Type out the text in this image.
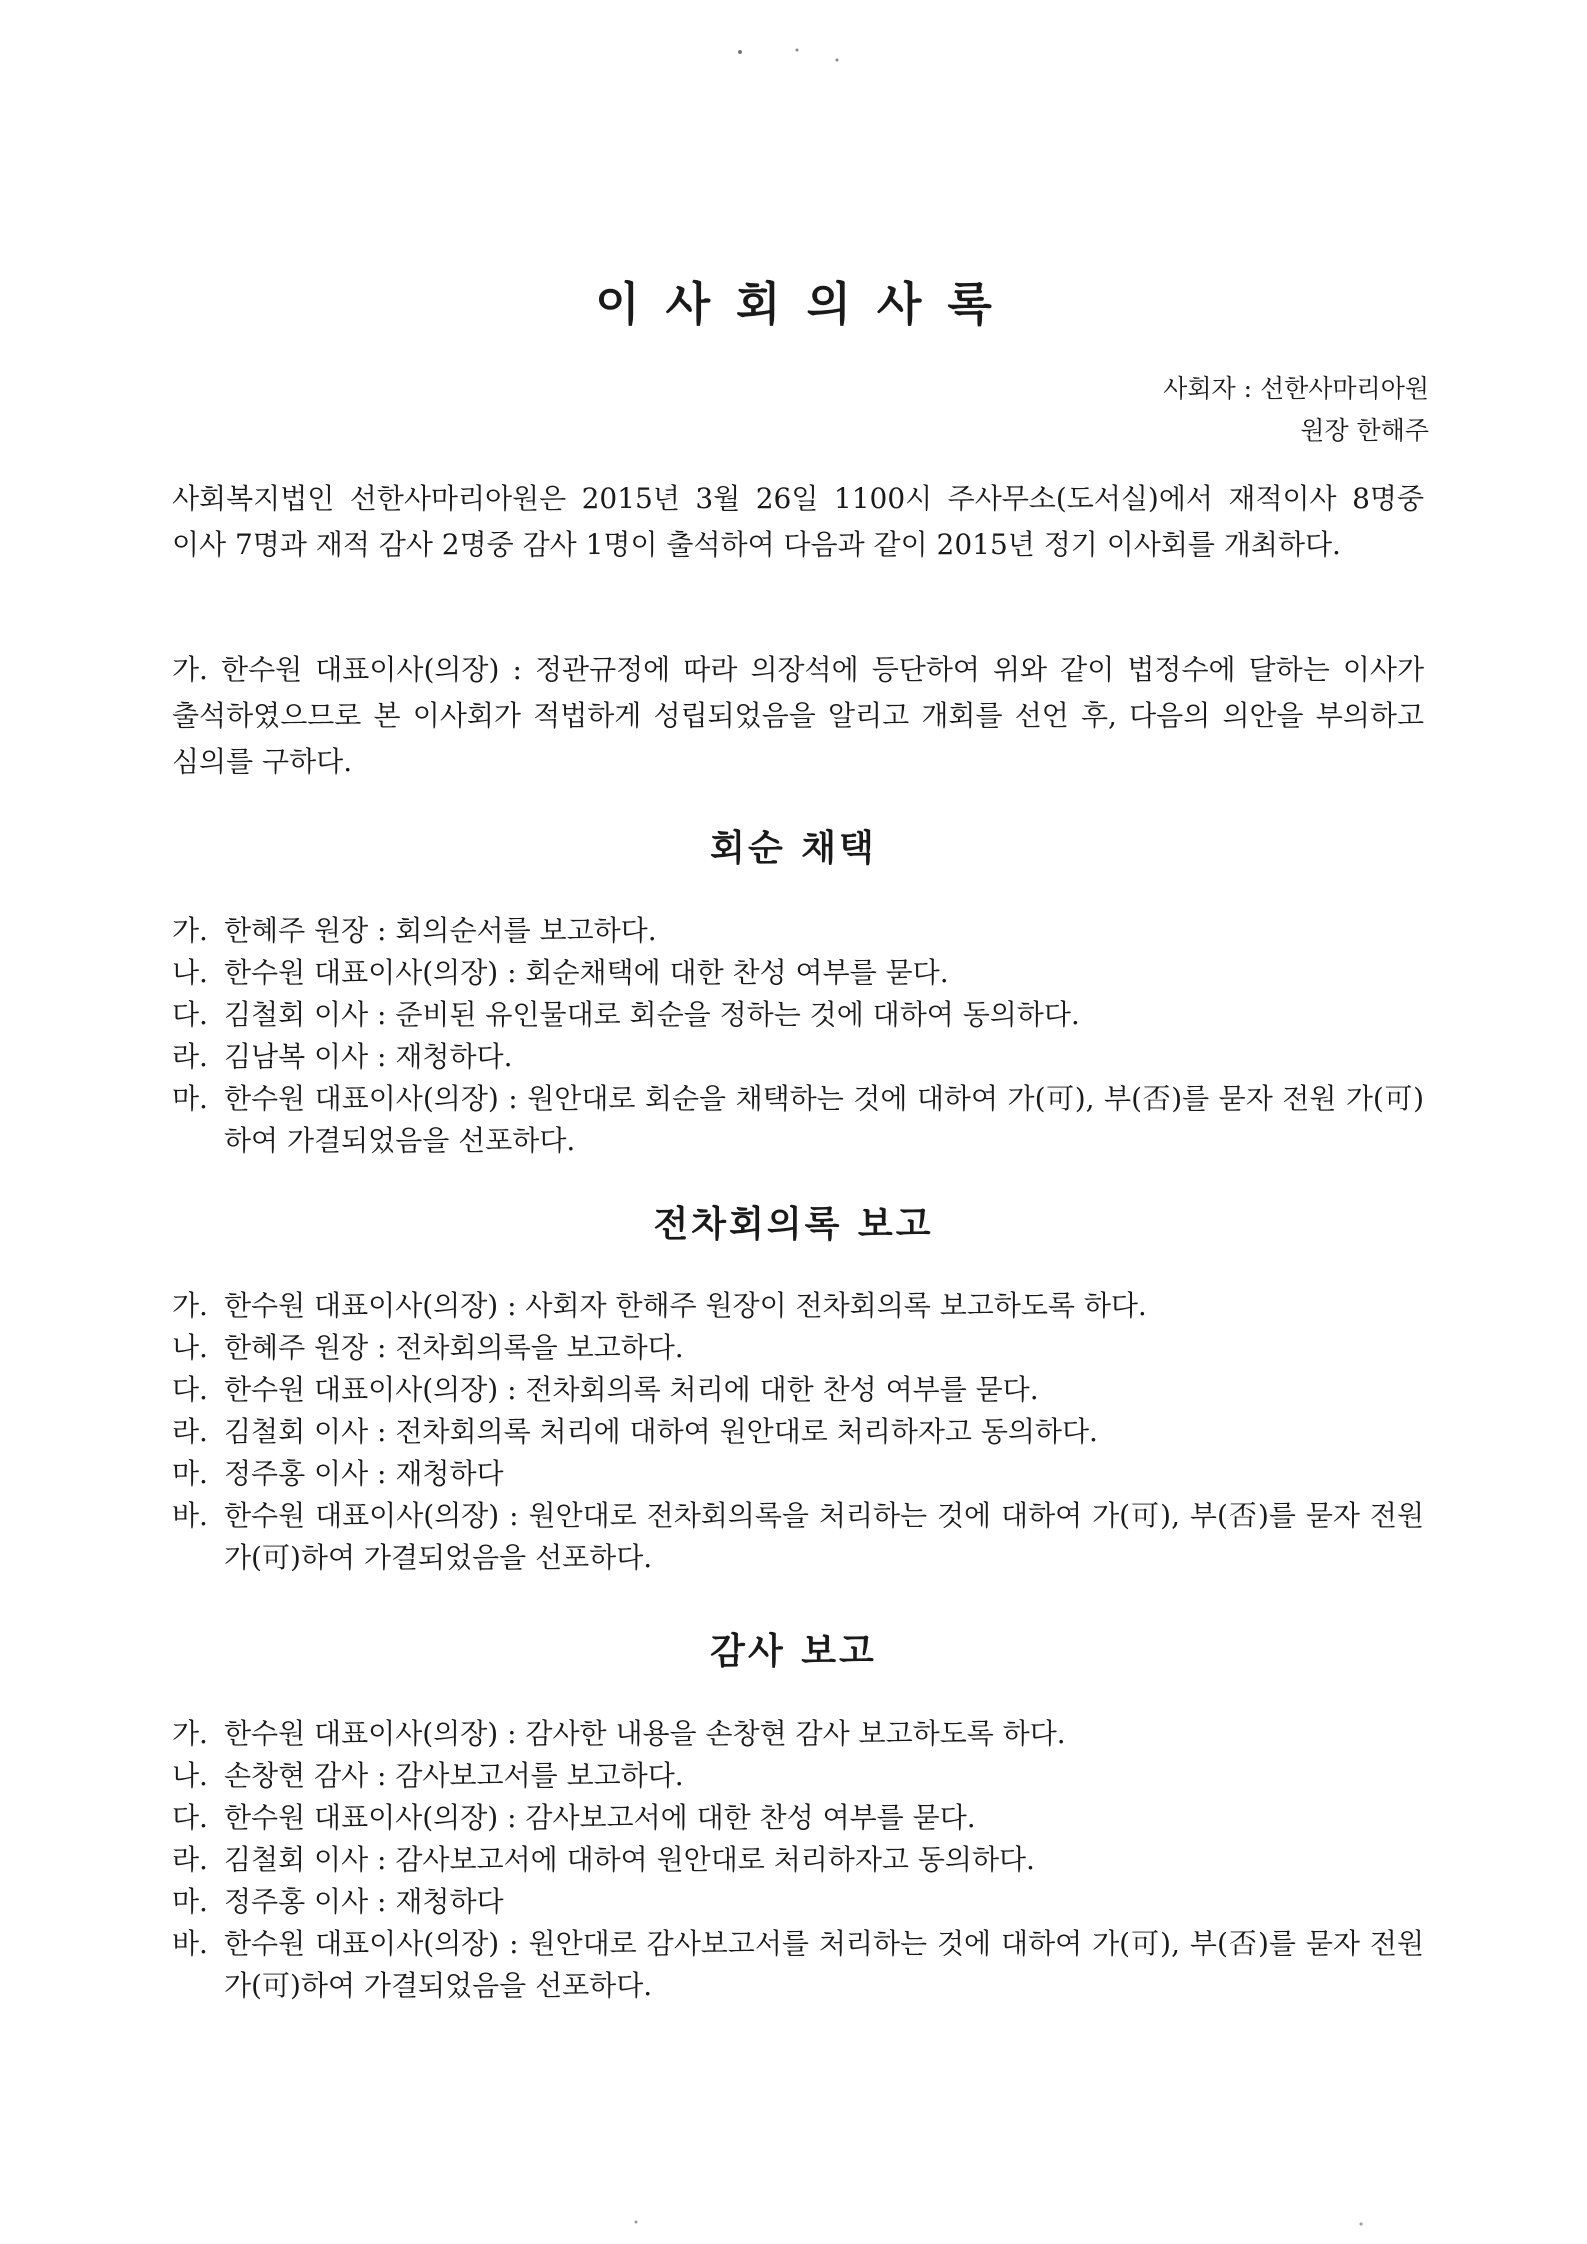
이사회의사록
사회자 : 선한사마리아원
원장 한해주
사회복지법인 선한사마리아원은 2015년 3월 26일 1100시 주사무소(도서실)에서 재적이사 8명중 이사 7명과 재적 감사 2명중 감사 1명이 출석하여 다음과 같이 2015년 정기 이사회를 개최하다.
가. 한수원 대표이사(의장) : 정관규정에 따라 의장석에 등단하여 위와 같이 법정수에 달하는 이사가 출석하였으므로 본 이사회가 적법하게 성립되었음을 알리고 개회를 선언 후, 다음의 의안을 부의하고 심의를 구하다.
회순 채택
가. 한혜주 원장 : 회의순서를 보고하다.
나. 한수원 대표이사(의장) : 회순채택에 대한 찬성 여부를 묻다.
다. 김철회 이사 : 준비된 유인물대로 회순을 정하는 것에 대하여 동의하다.
라. 김남복 이사 : 재청하다.
마. 한수원 대표이사(의장) : 원안대로 회순을 채택하는 것에 대하여 가(可), 부(否)를 묻자 전원 가(可)하여 가결되었음을 선포하다.
전차회의록 보고
가. 한수원 대표이사(의장) : 사회자 한해주 원장이 전차회의록 보고하도록 하다.
나. 한혜주 원장 : 전차회의록을 보고하다.
다. 한수원 대표이사(의장) : 전차회의록 처리에 대한 찬성 여부를 묻다.
라. 김철회 이사 : 전차회의록 처리에 대하여 원안대로 처리하자고 동의하다.
마. 정주홍 이사 : 재청하다
바. 한수원 대표이사(의장) : 원안대로 전차회의록을 처리하는 것에 대하여 가(可), 부(否)를 묻자 전원 가(可)하여 가결되었음을 선포하다.
감사 보고
가. 한수원 대표이사(의장) : 감사한 내용을 손창현 감사 보고하도록 하다.
나. 손창현 감사 : 감사보고서를 보고하다.
다. 한수원 대표이사(의장) : 감사보고서에 대한 찬성 여부를 묻다.
라. 김철회 이사 : 감사보고서에 대하여 원안대로 처리하자고 동의하다.
마. 정주홍 이사 : 재청하다
바. 한수원 대표이사(의장) : 원안대로 감사보고서를 처리하는 것에 대하여 가(可), 부(否)를 묻자 전원 가(可)하여 가결되었음을 선포하다.
